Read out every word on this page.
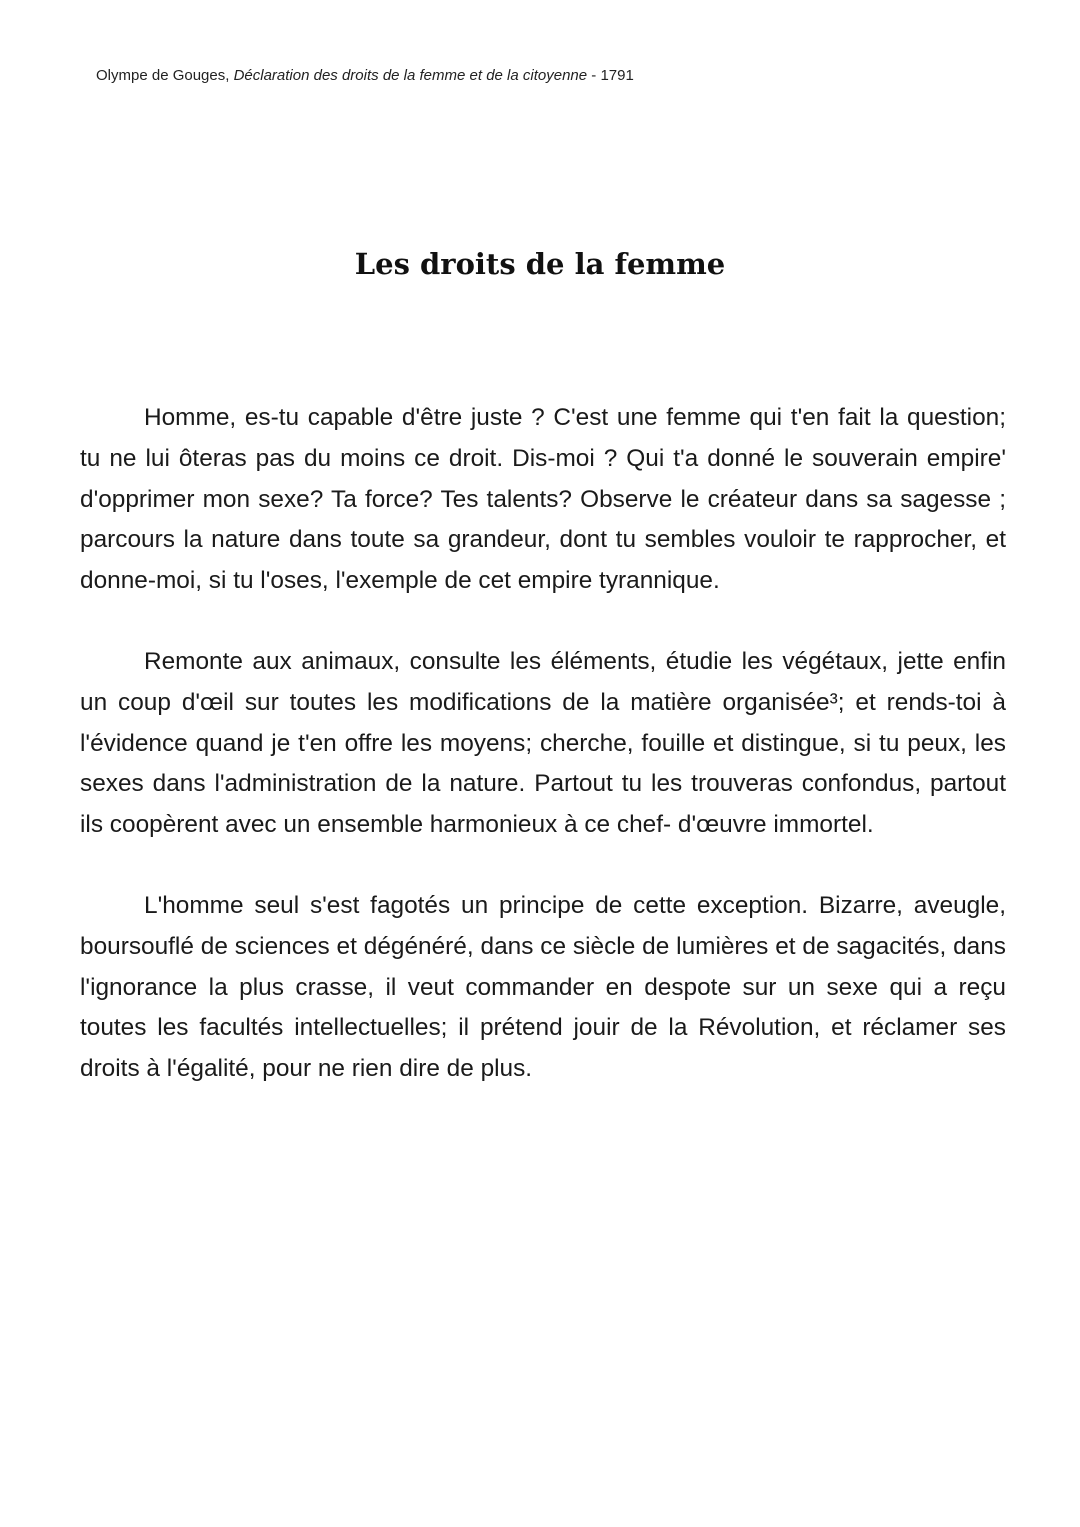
Olympe de Gouges, Déclaration des droits de la femme et de la citoyenne - 1791
Les droits de la femme

Homme, es-tu capable d'être juste ? C'est une femme qui t'en fait la question; tu ne lui ôteras pas du moins ce droit. Dis-moi ? Qui t'a donné le souverain empire' d'opprimer mon sexe? Ta force? Tes talents? Observe le créateur dans sa sagesse ; parcours la nature dans toute sa grandeur, dont tu sembles vouloir te rapprocher, et donne-moi, si tu l'oses, l'exemple de cet empire tyrannique.

Remonte aux animaux, consulte les éléments, étudie les végétaux, jette enfin un coup d'œil sur toutes les modifications de la matière organisée³; et rends-toi à l'évidence quand je t'en offre les moyens; cherche, fouille et distingue, si tu peux, les sexes dans l'administration de la nature. Partout tu les trouveras confondus, partout ils coopèrent avec un ensemble harmonieux à ce chef- d'œuvre immortel.

L'homme seul s'est fagotés un principe de cette exception. Bizarre, aveugle, boursouflé de sciences et dégénéré, dans ce siècle de lumières et de sagacités, dans l'ignorance la plus crasse, il veut commander en despote sur un sexe qui a reçu toutes les facultés intellectuelles; il prétend jouir de la Révolution, et réclamer ses droits à l'égalité, pour ne rien dire de plus.
